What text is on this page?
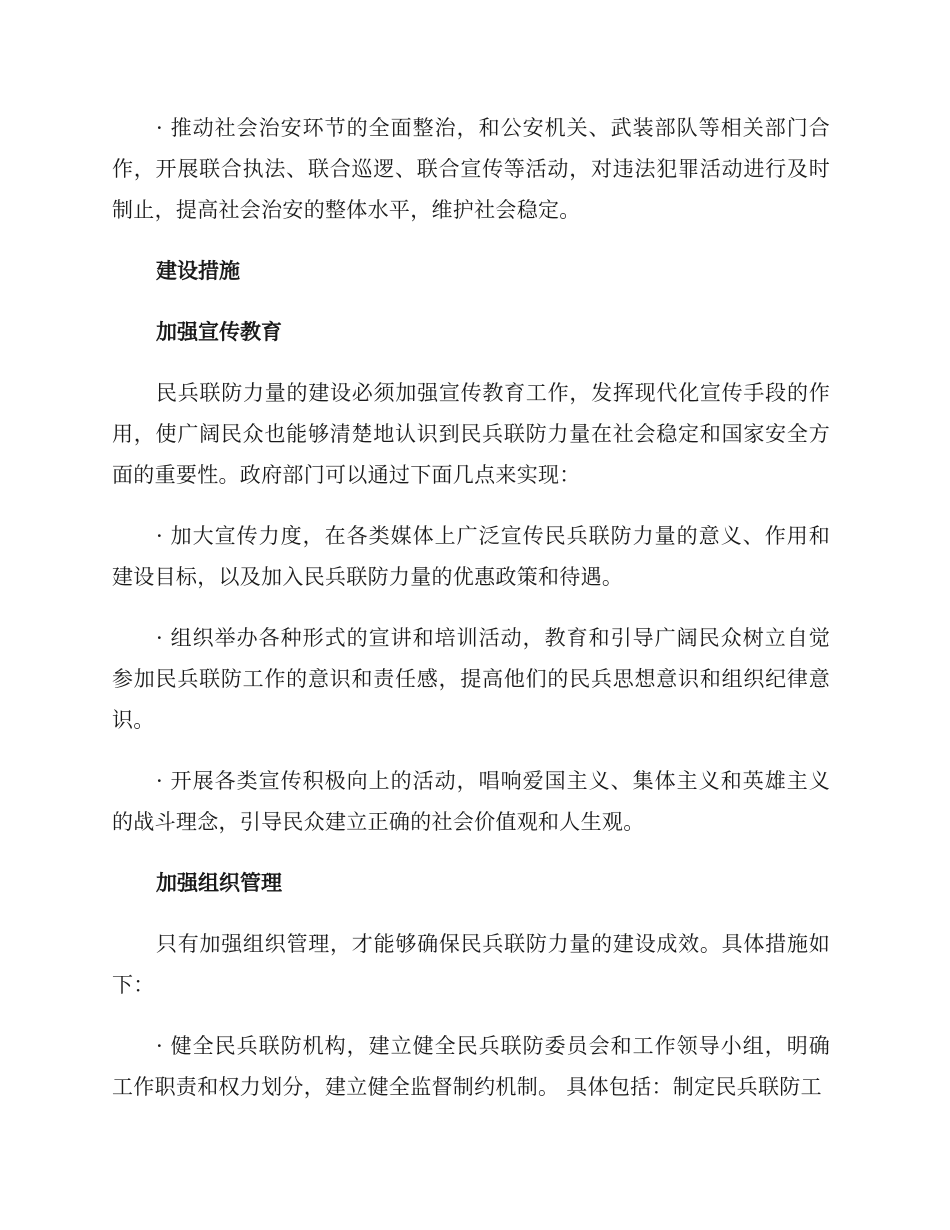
· 推动社会治安环节的全面整治，和公安机关、武装部队等相关部门合作，开展联合执法、联合巡逻、联合宣传等活动，对违法犯罪活动进行及时制止，提高社会治安的整体水平，维护社会稳定。

建设措施

加强宣传教育

民兵联防力量的建设必须加强宣传教育工作，发挥现代化宣传手段的作用，使广阔民众也能够清楚地认识到民兵联防力量在社会稳定和国家安全方面的重要性。政府部门可以通过下面几点来实现：

· 加大宣传力度，在各类媒体上广泛宣传民兵联防力量的意义、作用和建设目标，以及加入民兵联防力量的优惠政策和待遇。

· 组织举办各种形式的宣讲和培训活动，教育和引导广阔民众树立自觉参加民兵联防工作的意识和责任感，提高他们的民兵思想意识和组织纪律意识。

· 开展各类宣传积极向上的活动，唱响爱国主义、集体主义和英雄主义的战斗理念，引导民众建立正确的社会价值观和人生观。

加强组织管理

只有加强组织管理，才能够确保民兵联防力量的建设成效。具体措施如下：

· 健全民兵联防机构，建立健全民兵联防委员会和工作领导小组，明确工作职责和权力划分，建立健全监督制约机制。 具体包括：制定民兵联防工
